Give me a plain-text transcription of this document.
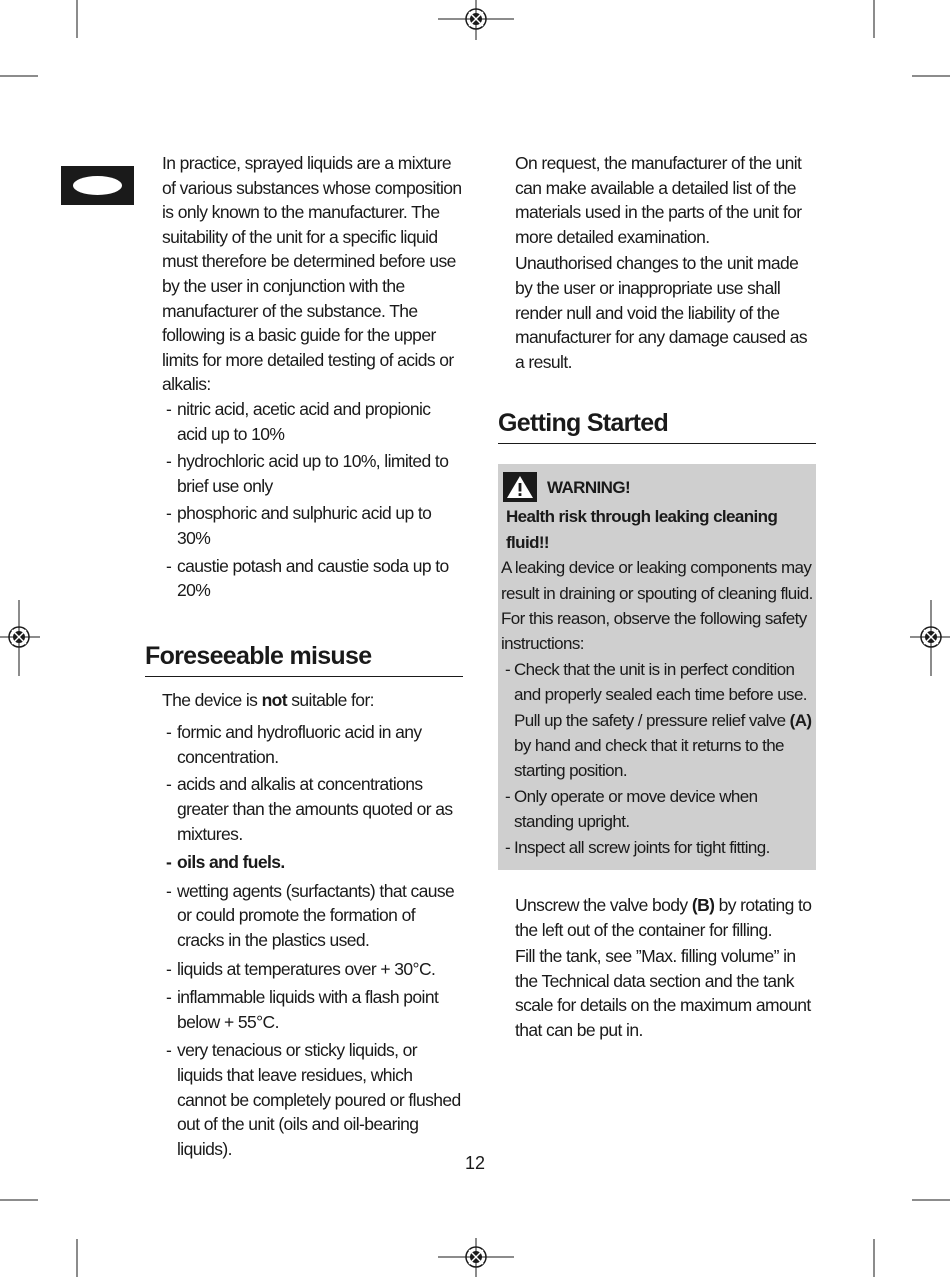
In practice, sprayed liquids are a mixture of various substances whose composition is only known to the manufacturer. The suitability of the unit for a specific liquid must therefore be determined before use by the user in conjunction with the manufacturer of the substance. The following is a basic guide for the upper limits for more detailed testing of acids or alkalis:

- nitric acid, acetic acid and propionic acid up to 10%
- hydrochloric acid up to 10%, limited to brief use only
- phosphoric and sulphuric acid up to 30%
- caustie potash and caustie soda up to 20%
Foreseeable misuse

The device is not suitable for:

- formic and hydrofluoric acid in any concentration.
- acids and alkalis at concentrations greater than the amounts quoted or as mixtures.
- oils and fuels.
- wetting agents (surfactants) that cause or could promote the formation of cracks in the plastics used.
- liquids at temperatures over + 30°C.
- inflammable liquids with a flash point below + 55°C.
- very tenacious or sticky liquids, or liquids that leave residues, which cannot be completely poured or flushed out of the unit (oils and oil-bearing liquids).

On request, the manufacturer of the unit can make available a detailed list of the materials used in the parts of the unit for more detailed examination.

Unauthorised changes to the unit made by the user or inappropriate use shall render null and void the liability of the manufacturer for any damage caused as a result.

Getting Started
WARNING!

Health risk through leaking cleaning fluid!!

A leaking device or leaking components may result in draining or spouting of cleaning fluid. For this reason, observe the following safety instructions:

- Check that the unit is in perfect condition and properly sealed each time before use. Pull up the safety / pressure relief valve (A) by hand and check that it returns to the starting position.
- Only operate or move device when standing upright.
- Inspect all screw joints for tight fitting.

Unscrew the valve body (B) by rotating to the left out of the container for filling.

Fill the tank, see ”Max. filling volume” in the Technical data section and the tank scale for details on the maximum amount that can be put in.

12
